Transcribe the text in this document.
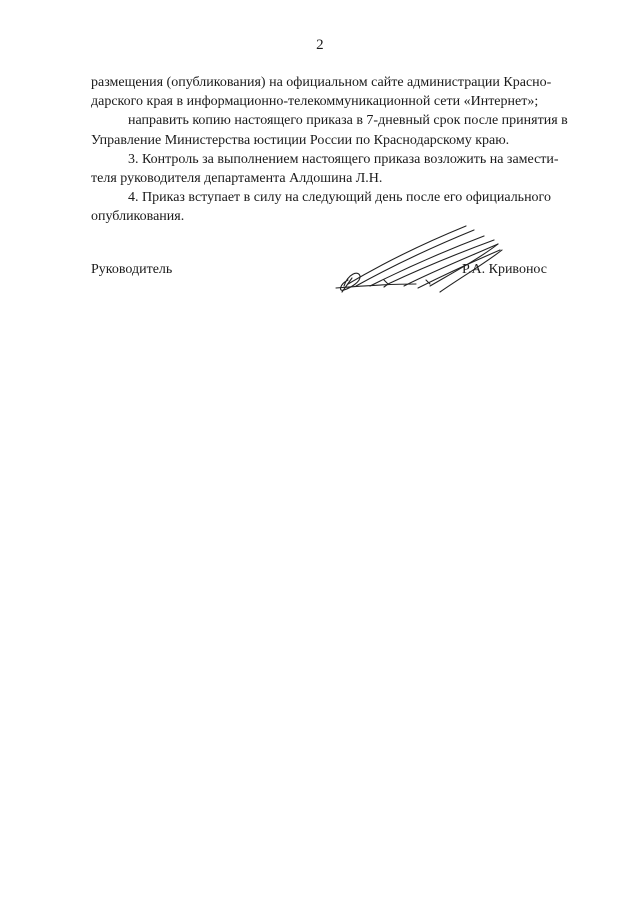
2
размещения (опубликования) на официальном сайте администрации Красно-
дарского края в информационно-телекоммуникационной сети «Интернет»;
направить копию настоящего приказа в 7-дневный срок после принятия в
Управление Министерства юстиции России по Краснодарскому краю.
3. Контроль за выполнением настоящего приказа возложить на замести-
теля руководителя департамента Алдошина Л.Н.
4. Приказ вступает в силу на следующий день после его официального
опубликования.
Руководитель	Р.А. Кривонос
